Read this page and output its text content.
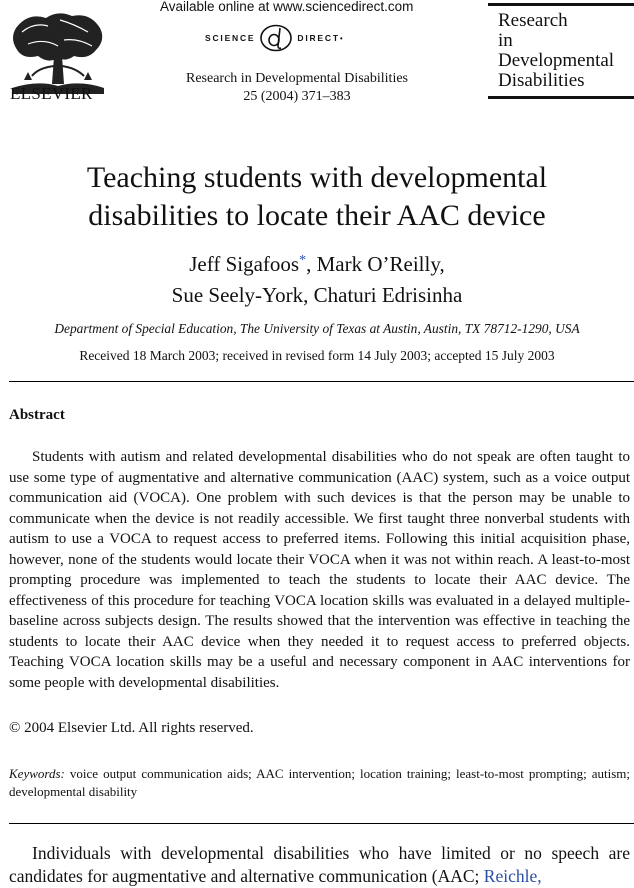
ELSEVIER
Available online at www.sciencedirect.com
SCIENCE	DIRECT •
Research in Developmental Disabilities
25 (2004) 371–383
Research
in
Developmental
Disabilities
Teaching students with developmental
disabilities to locate their AAC device
Jeff Sigafoos*, Mark O’Reilly,
Sue Seely-York, Chaturi Edrisinha
Department of Special Education, The University of Texas at Austin, Austin, TX 78712-1290, USA
Received 18 March 2003; received in revised form 14 July 2003; accepted 15 July 2003
Abstract
Students with autism and related developmental disabilities who do not speak are often taught to use some type of augmentative and alternative communication (AAC) system, such as a voice output communication aid (VOCA). One problem with such devices is that the person may be unable to communicate when the device is not readily accessible. We first taught three nonverbal students with autism to use a VOCA to request access to preferred items. Following this initial acquisition phase, however, none of the students would locate their VOCA when it was not within reach. A least-to-most prompting procedure was implemented to teach the students to locate their AAC device. The effectiveness of this procedure for teaching VOCA location skills was evaluated in a delayed multiple-baseline across subjects design. The results showed that the intervention was effective in teaching the students to locate their AAC device when they needed it to request access to preferred objects. Teaching VOCA location skills may be a useful and necessary component in AAC interventions for some people with developmental disabilities.
© 2004 Elsevier Ltd. All rights reserved.
Keywords: voice output communication aids; AAC intervention; location training; least-to-most prompting; autism; developmental disability
Individuals with developmental disabilities who have limited or no speech are candidates for augmentative and alternative communication (AAC; Reichle,
